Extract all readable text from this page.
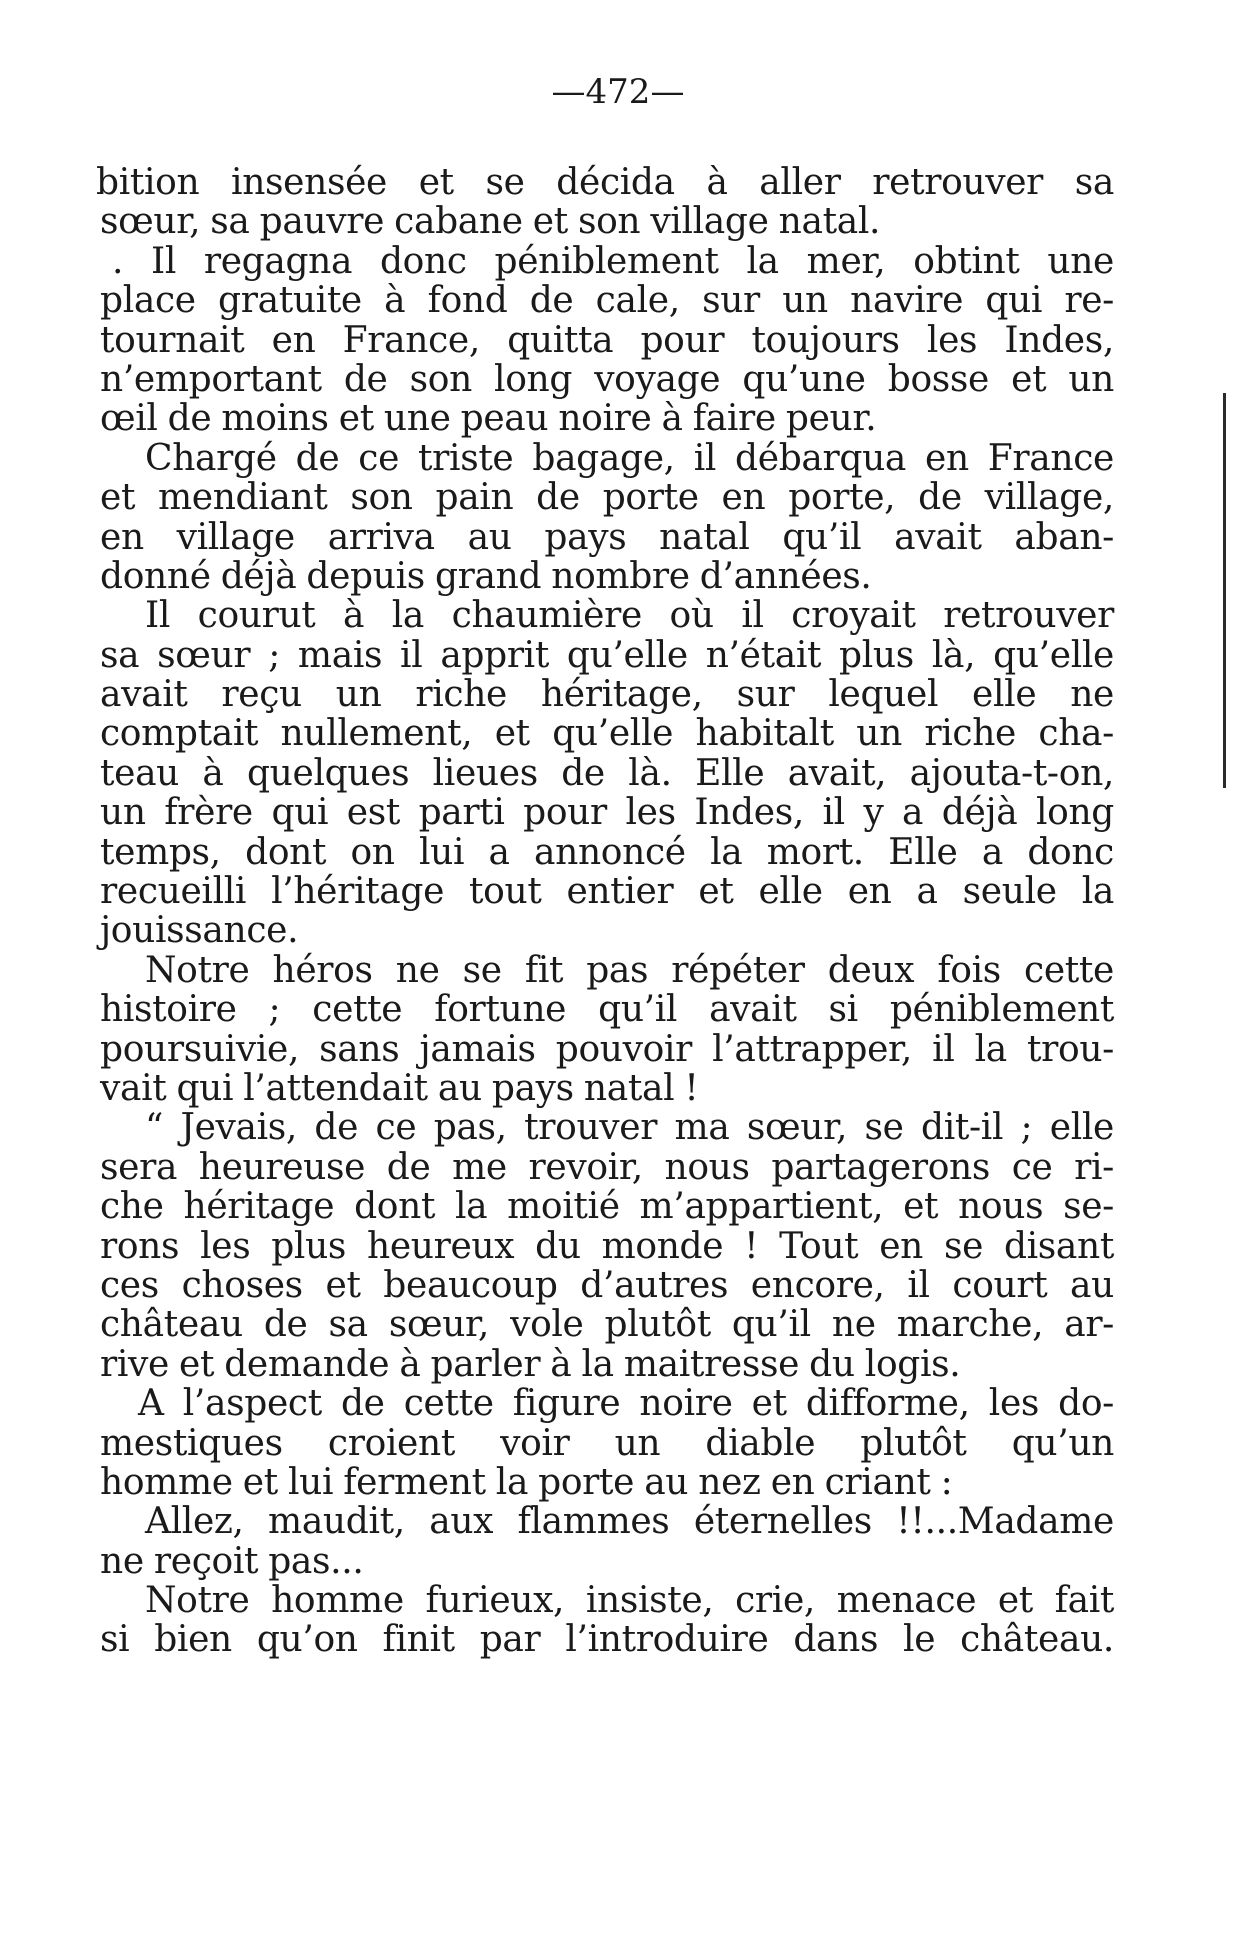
—472—
bition insensée et se décida à aller retrouver sa
sœur, sa pauvre cabane et son village natal.
. Il regagna donc péniblement la mer, obtint une
place gratuite à fond de cale, sur un navire qui re-
tournait en France, quitta pour toujours les Indes,
n’emportant de son long voyage qu’une bosse et un
œil de moins et une peau noire à faire peur.
Chargé de ce triste bagage, il débarqua en France
et mendiant son pain de porte en porte, de village,
en village arriva au pays natal qu’il avait aban-
donné déjà depuis grand nombre d’années.
Il courut à la chaumière où il croyait retrouver
sa sœur ; mais il apprit qu’elle n’était plus là, qu’elle
avait reçu un riche héritage, sur lequel elle ne
comptait nullement, et qu’elle habitalt un riche cha-
teau à quelques lieues de là. Elle avait, ajouta-t-on,
un frère qui est parti pour les Indes, il y a déjà long
temps, dont on lui a annoncé la mort. Elle a donc
recueilli l’héritage tout entier et elle en a seule la
jouissance.
Notre héros ne se fit pas répéter deux fois cette
histoire ; cette fortune qu’il avait si péniblement
poursuivie, sans jamais pouvoir l’attrapper, il la trou-
vait qui l’attendait au pays natal !
“ Jevais, de ce pas, trouver ma sœur, se dit-il ; elle
sera heureuse de me revoir, nous partagerons ce ri-
che héritage dont la moitié m’appartient, et nous se-
rons les plus heureux du monde ! Tout en se disant
ces choses et beaucoup d’autres encore, il court au
château de sa sœur, vole plutôt qu’il ne marche, ar-
rive et demande à parler à la maitresse du logis.
A l’aspect de cette figure noire et difforme, les do-
mestiques croient voir un diable plutôt qu’un
homme et lui ferment la porte au nez en criant :
Allez, maudit, aux flammes éternelles !!...Madame
ne reçoit pas...
Notre homme furieux, insiste, crie, menace et fait
si bien qu’on finit par l’introduire dans le château.
